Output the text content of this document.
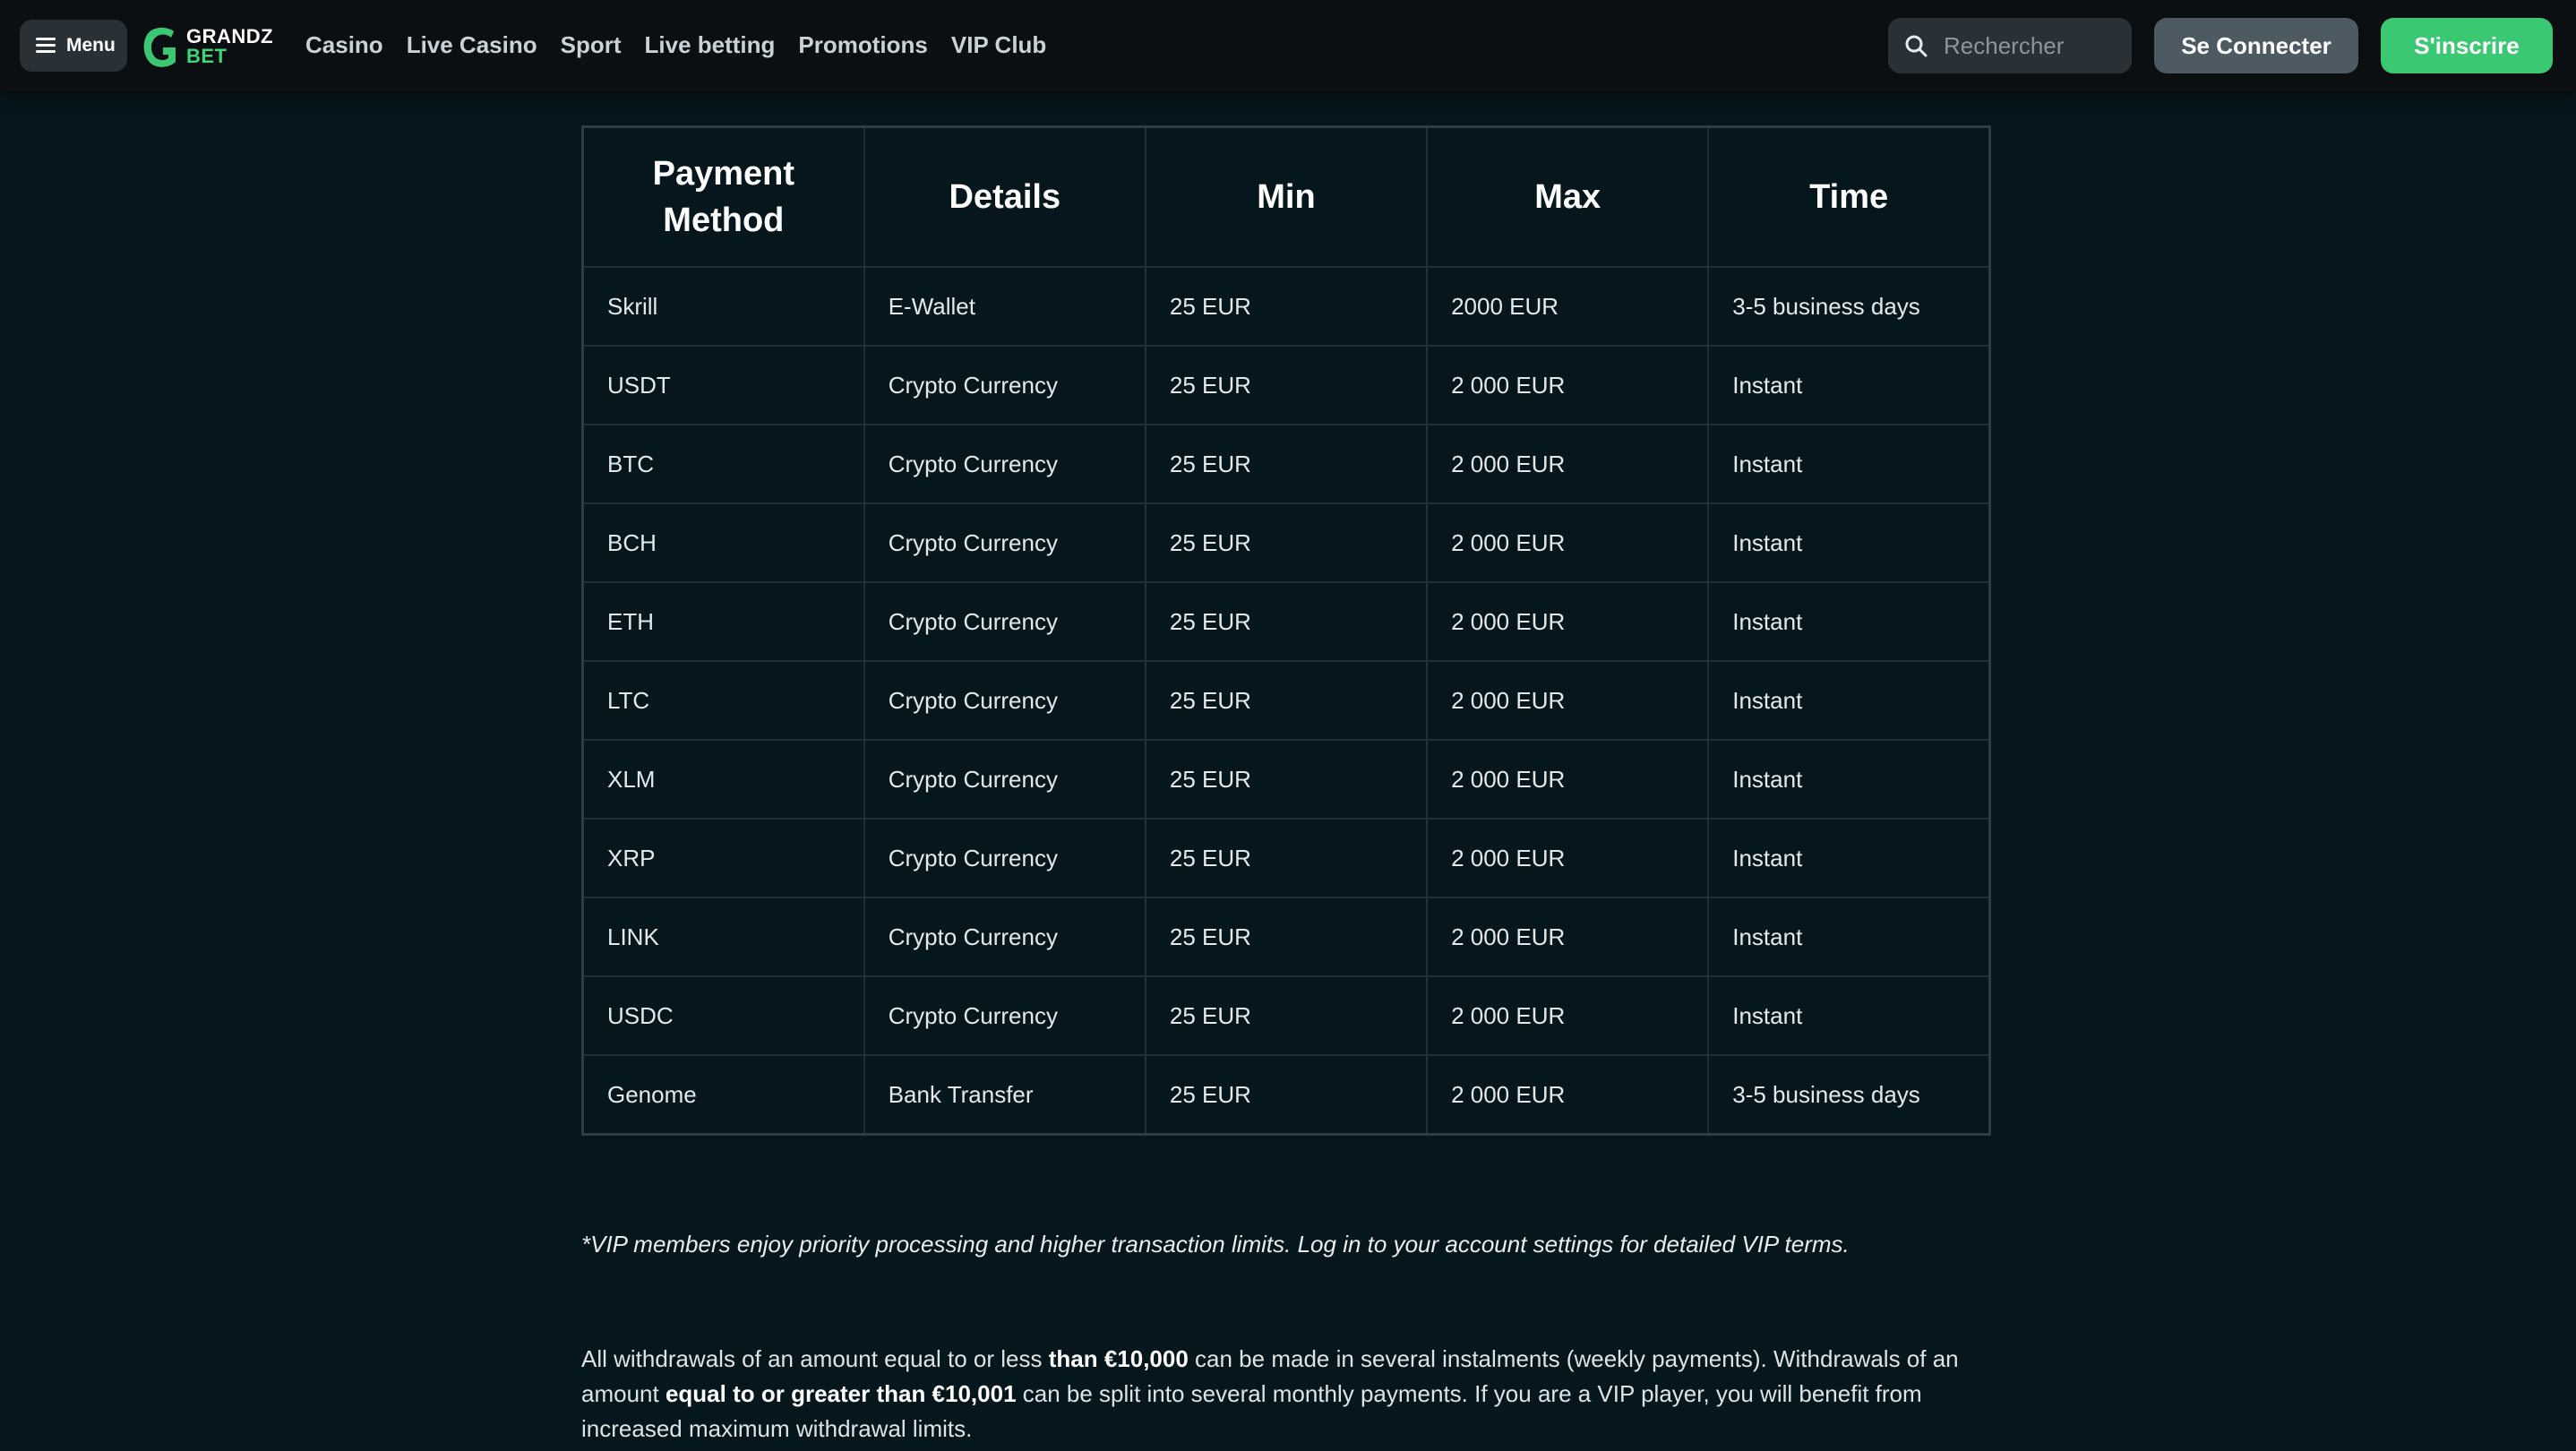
Menu	GRANDZ
BET	Casino Live Casino Sport Live betting Promotions VIP Club
Rechercher	Se Connecter	S'inscrire
Payment Method	Details	Min	Max	Time
Skrill	E-Wallet	25 EUR	2000 EUR	3-5 business days
USDT	Crypto Currency	25 EUR	2 000 EUR	Instant
BTC	Crypto Currency	25 EUR	2 000 EUR	Instant
BCH	Crypto Currency	25 EUR	2 000 EUR	Instant
ETH	Crypto Currency	25 EUR	2 000 EUR	Instant
LTC	Crypto Currency	25 EUR	2 000 EUR	Instant
XLM	Crypto Currency	25 EUR	2 000 EUR	Instant
XRP	Crypto Currency	25 EUR	2 000 EUR	Instant
LINK	Crypto Currency	25 EUR	2 000 EUR	Instant
USDC	Crypto Currency	25 EUR	2 000 EUR	Instant
Genome	Bank Transfer	25 EUR	2 000 EUR	3-5 business days

*VIP members enjoy priority processing and higher transaction limits. Log in to your account settings for detailed VIP terms.

All withdrawals of an amount equal to or less than €10,000 can be made in several instalments (weekly payments). Withdrawals of an amount equal to or greater than €10,001 can be split into several monthly payments. If you are a VIP player, you will benefit from increased maximum withdrawal limits.
